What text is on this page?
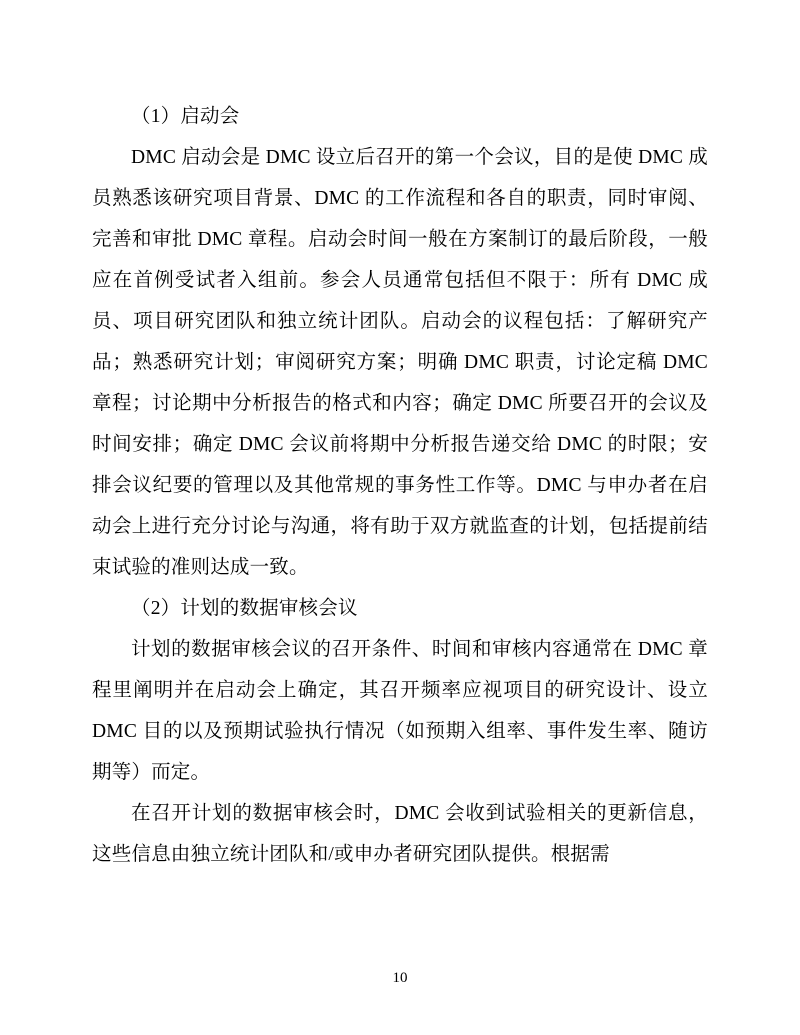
（1）启动会

DMC 启动会是 DMC 设立后召开的第一个会议，目的是使 DMC 成员熟悉该研究项目背景、DMC 的工作流程和各自的职责，同时审阅、完善和审批 DMC 章程。启动会时间一般在方案制订的最后阶段，一般应在首例受试者入组前。参会人员通常包括但不限于：所有 DMC 成员、项目研究团队和独立统计团队。启动会的议程包括：了解研究产品；熟悉研究计划；审阅研究方案；明确 DMC 职责，讨论定稿 DMC 章程；讨论期中分析报告的格式和内容；确定 DMC 所要召开的会议及时间安排；确定 DMC 会议前将期中分析报告递交给 DMC 的时限；安排会议纪要的管理以及其他常规的事务性工作等。DMC 与申办者在启动会上进行充分讨论与沟通，将有助于双方就监查的计划，包括提前结束试验的准则达成一致。

（2）计划的数据审核会议

计划的数据审核会议的召开条件、时间和审核内容通常在 DMC 章程里阐明并在启动会上确定，其召开频率应视项目的研究设计、设立 DMC 目的以及预期试验执行情况（如预期入组率、事件发生率、随访期等）而定。

在召开计划的数据审核会时，DMC 会收到试验相关的更新信息，这些信息由独立统计团队和/或申办者研究团队提供。根据需

10
